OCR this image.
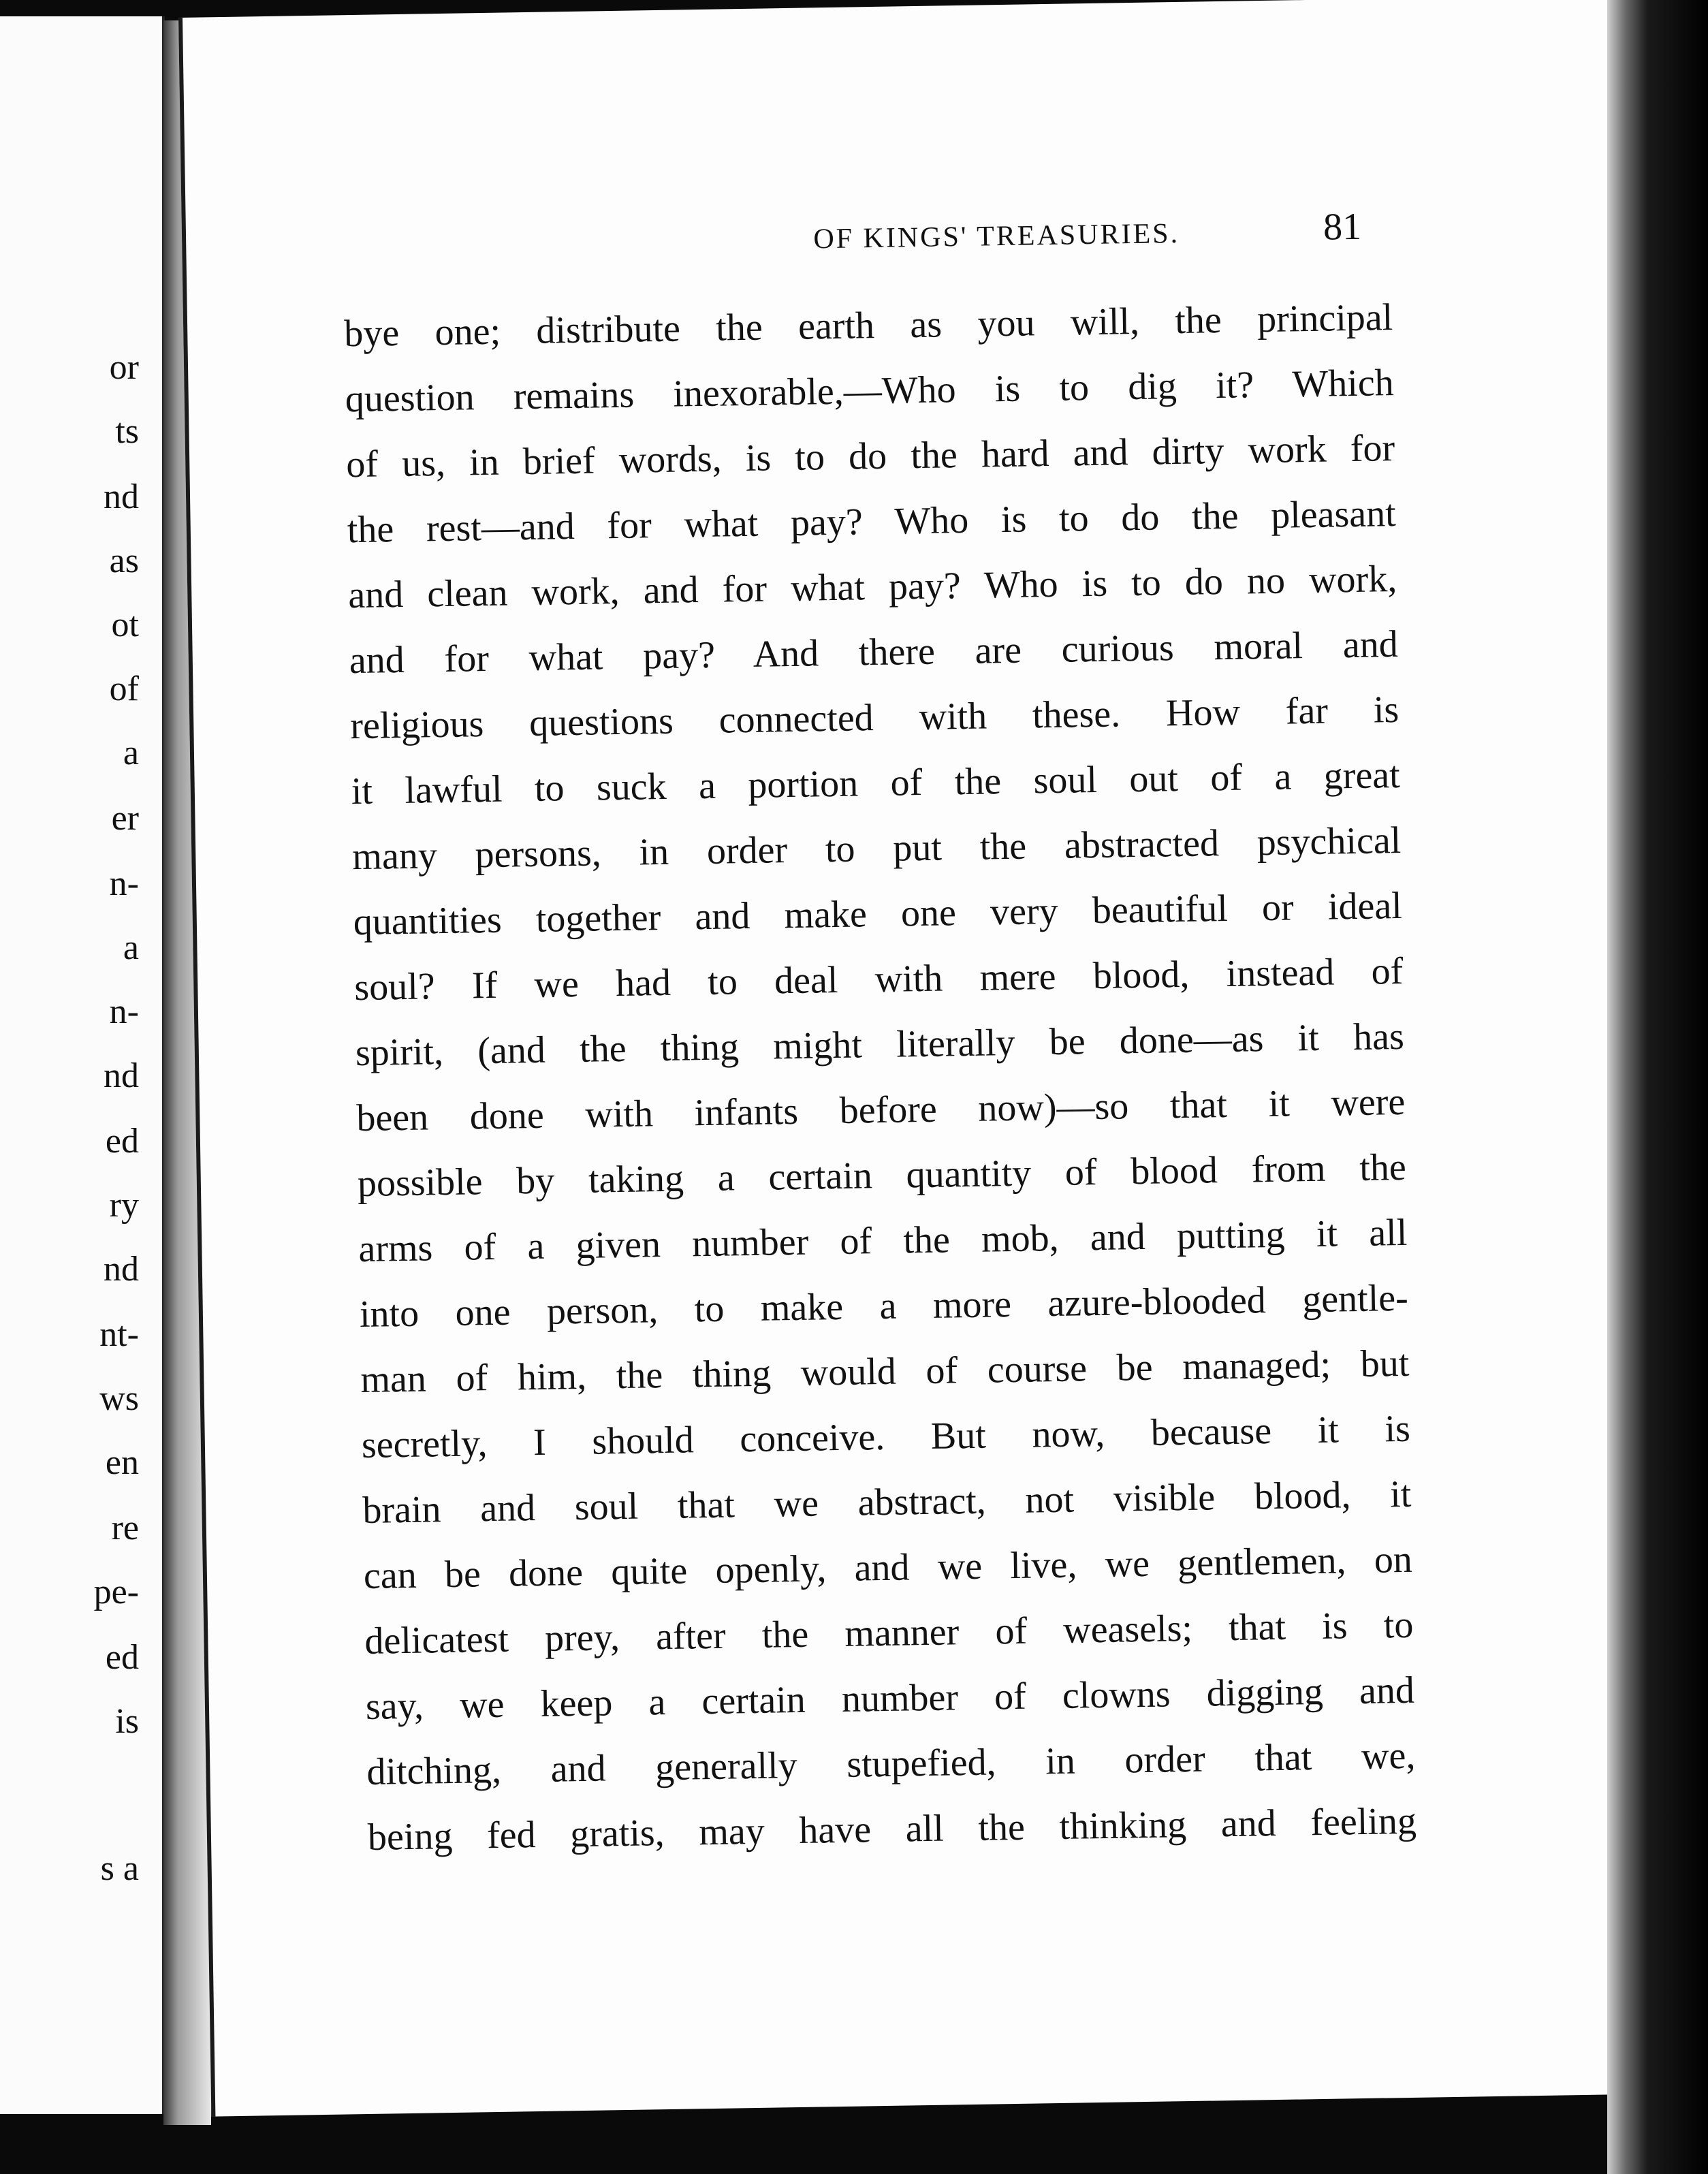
or
ts
nd
as
ot
of
a
er
n-
a
n-
nd
ed
ry
nd
nt-
ws
en
re
pe-
ed
is
s a
OF KINGS' TREASURIES.	81
bye one; distribute the earth as you will, the principal
question remains inexorable,—Who is to dig it? Which
of us, in brief words, is to do the hard and dirty work for
the rest—and for what pay? Who is to do the pleasant
and clean work, and for what pay? Who is to do no work,
and for what pay? And there are curious moral and
religious questions connected with these. How far is
it lawful to suck a portion of the soul out of a great
many persons, in order to put the abstracted psychical
quantities together and make one very beautiful or ideal
soul? If we had to deal with mere blood, instead of
spirit, (and the thing might literally be done—as it has
been done with infants before now)—so that it were
possible by taking a certain quantity of blood from the
arms of a given number of the mob, and putting it all
into one person, to make a more azure-blooded gentle-
man of him, the thing would of course be managed; but
secretly, I should conceive. But now, because it is
brain and soul that we abstract, not visible blood, it
can be done quite openly, and we live, we gentlemen, on
delicatest prey, after the manner of weasels; that is to
say, we keep a certain number of clowns digging and
ditching, and generally stupefied, in order that we,
being fed gratis, may have all the thinking and feeling
